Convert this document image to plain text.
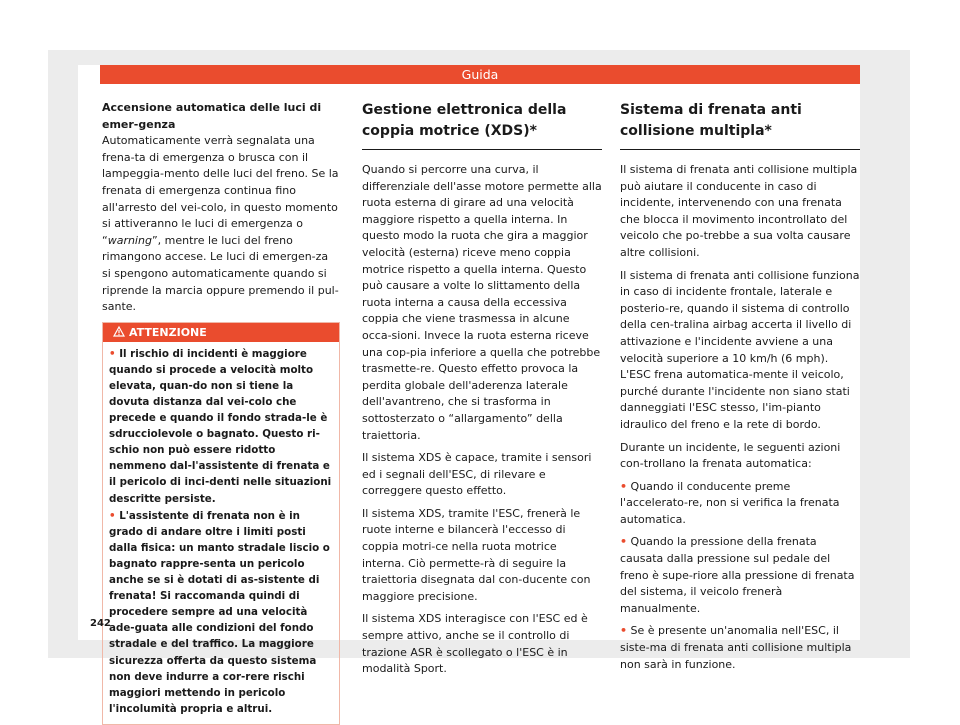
Guida
Accensione automatica delle luci di emer-genza

Automaticamente verrà segnalata una frena-ta di emergenza o brusca con il lampeggia-mento delle luci del freno. Se la frenata di emergenza continua fino all'arresto del vei-colo, in questo momento si attiveranno le luci di emergenza o “warning”, mentre le luci del freno rimangono accese. Le luci di emergen-za si spengono automaticamente quando si riprende la marcia oppure premendo il pul-sante.

ATTENZIONE
• Il rischio di incidenti è maggiore quando si procede a velocità molto elevata, quan-do non si tiene la dovuta distanza dal vei-colo che precede e quando il fondo strada-le è sdrucciolevole o bagnato. Questo ri-schio non può essere ridotto nemmeno dal-l'assistente di frenata e il pericolo di inci-denti nelle situazioni descritte persiste.
• L'assistente di frenata non è in grado di andare oltre i limiti posti dalla fisica: un manto stradale liscio o bagnato rappre-senta un pericolo anche se si è dotati di as-sistente di frenata! Si raccomanda quindi di procedere sempre ad una velocità ade-guata alle condizioni del fondo stradale e del traffico. La maggiore sicurezza offerta da questo sistema non deve indurre a cor-rere rischi maggiori mettendo in pericolo l'incolumità propria e altrui.
Gestione elettronica della coppia motrice (XDS)*

Quando si percorre una curva, il differenziale dell'asse motore permette alla ruota esterna di girare ad una velocità maggiore rispetto a quella interna. In questo modo la ruota che gira a maggior velocità (esterna) riceve meno coppia motrice rispetto a quella interna. Questo può causare a volte lo slittamento della ruota interna a causa della eccessiva coppia che viene trasmessa in alcune occa-sioni. Invece la ruota esterna riceve una cop-pia inferiore a quella che potrebbe trasmette-re. Questo effetto provoca la perdita globale dell'aderenza laterale dell'avantreno, che si trasforma in sottosterzato o “allargamento” della traiettoria.

Il sistema XDS è capace, tramite i sensori ed i segnali dell'ESC, di rilevare e correggere questo effetto.

Il sistema XDS, tramite l'ESC, frenerà le ruote interne e bilancerà l'eccesso di coppia motri-ce nella ruota motrice interna. Ciò permette-rà di seguire la traiettoria disegnata dal con-ducente con maggiore precisione.

Il sistema XDS interagisce con l'ESC ed è sempre attivo, anche se il controllo di trazione ASR è scollegato o l'ESC è in modalità Sport.

Sistema di frenata anti collisione multipla*

Il sistema di frenata anti collisione multipla può aiutare il conducente in caso di incidente, intervenendo con una frenata che blocca il movimento incontrollato del veicolo che po-trebbe a sua volta causare altre collisioni.

Il sistema di frenata anti collisione funziona in caso di incidente frontale, laterale e posterio-re, quando il sistema di controllo della cen-tralina airbag accerta il livello di attivazione e l'incidente avviene a una velocità superiore a 10 km/h (6 mph). L'ESC frena automatica-mente il veicolo, purché durante l'incidente non siano stati danneggiati l'ESC stesso, l'im-pianto idraulico del freno e la rete di bordo.

Durante un incidente, le seguenti azioni con-trollano la frenata automatica:

• Quando il conducente preme l'accelerato-re, non si verifica la frenata automatica.

• Quando la pressione della frenata causata dalla pressione sul pedale del freno è supe-riore alla pressione di frenata del sistema, il veicolo frenerà manualmente.

• Se è presente un'anomalia nell'ESC, il siste-ma di frenata anti collisione multipla non sarà in funzione.

242
